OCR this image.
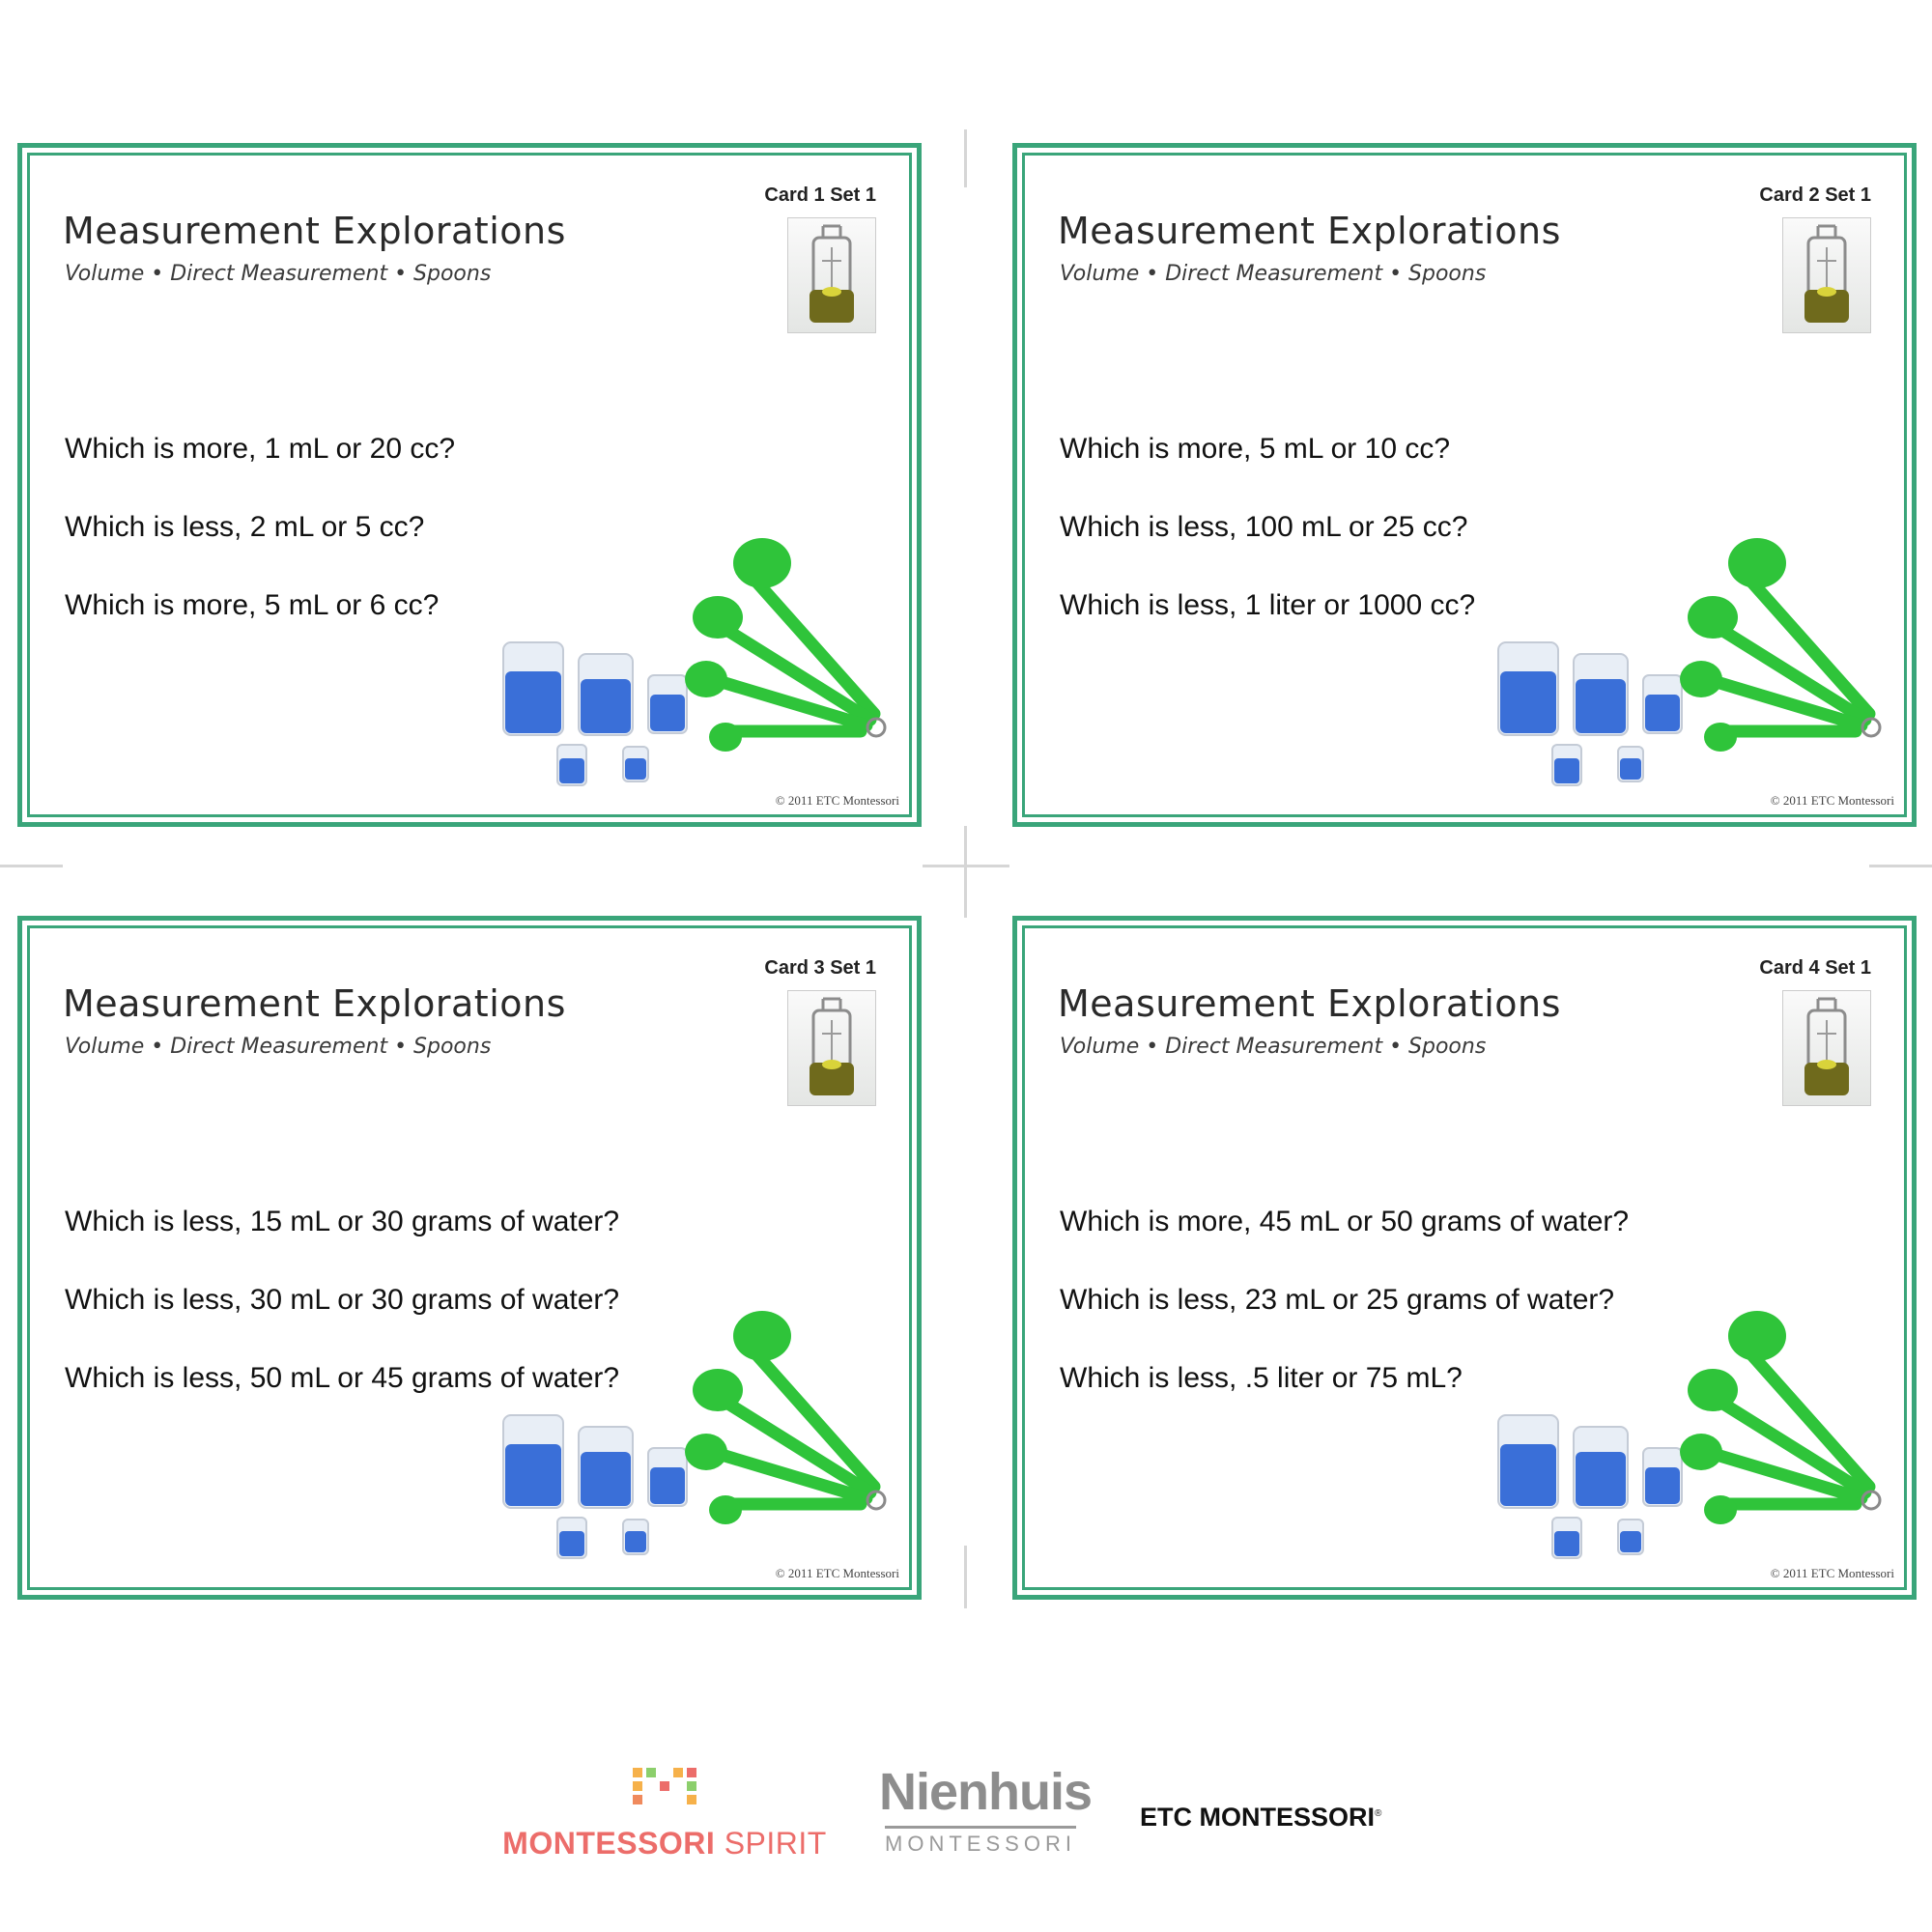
Card 1 Set 1
Measurement Explorations
Volume • Direct Measurement • Spoons
Which is more, 1 mL or 20 cc?
Which is less, 2 mL or 5 cc?
Which is more, 5 mL or 6 cc?
© 2011 ETC Montessori
Card 2 Set 1
Measurement Explorations
Volume • Direct Measurement • Spoons
Which is more, 5 mL or 10 cc?
Which is less, 100 mL or 25 cc?
Which is less, 1 liter or 1000 cc?
© 2011 ETC Montessori
Card 3 Set 1
Measurement Explorations
Volume • Direct Measurement • Spoons
Which is less, 15 mL or 30 grams of water?
Which is less, 30 mL or 30 grams of water?
Which is less, 50 mL or 45 grams of water?
© 2011 ETC Montessori
Card 4 Set 1
Measurement Explorations
Volume • Direct Measurement • Spoons
Which is more, 45 mL or 50 grams of water?
Which is less, 23 mL or 25 grams of water?
Which is less, .5 liter or 75 mL?
© 2011 ETC Montessori
MONTESSORI SPIRIT
Nienhuis
MONTESSORI
ETC MONTESSORI®
